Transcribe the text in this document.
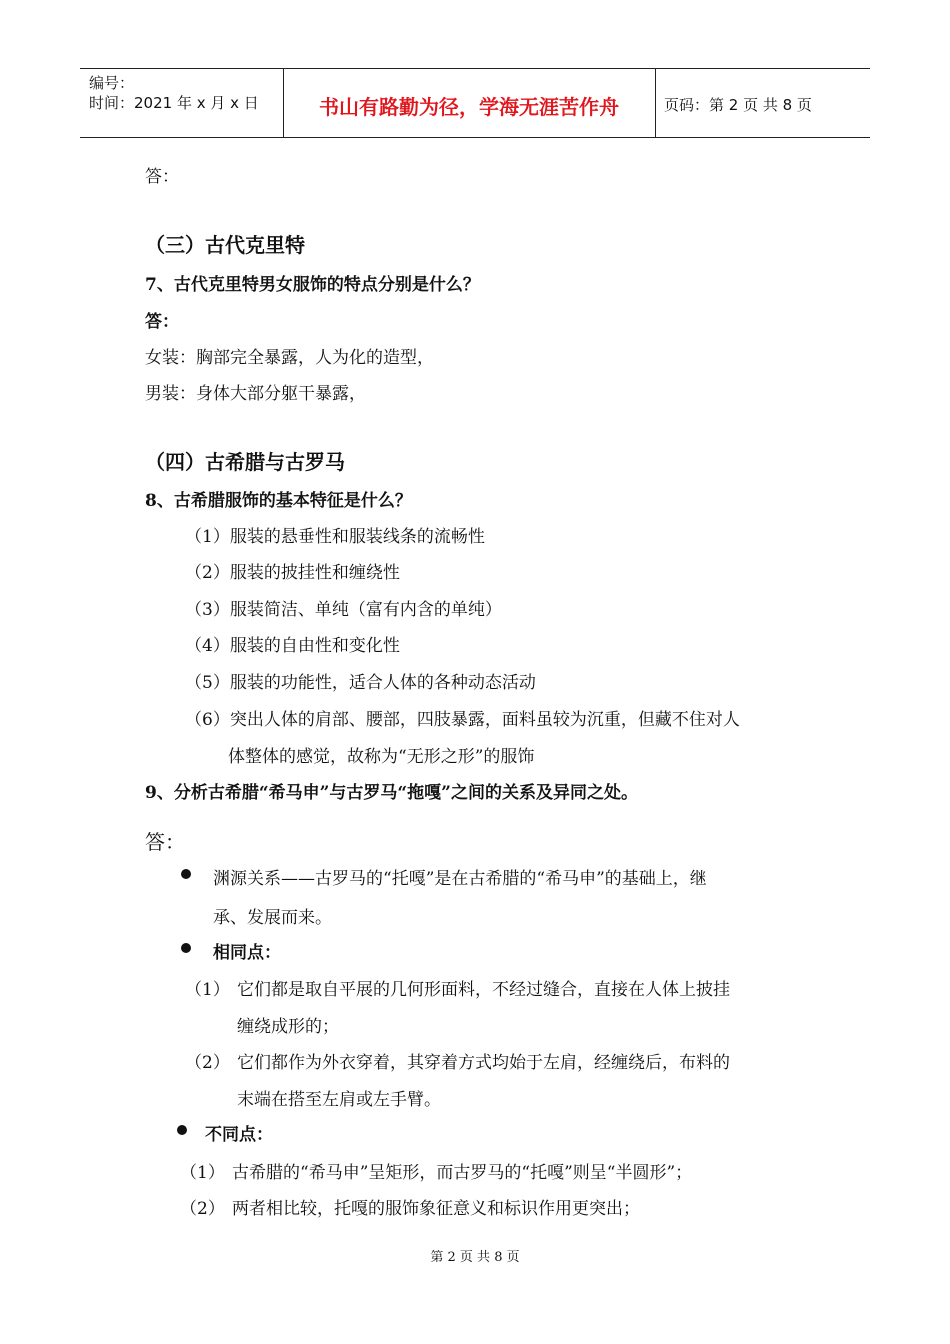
编号：
时间：2021 年 x 月 x 日	书山有路勤为径，学海无涯苦作舟	页码：第 2 页 共 8 页
答：
（三）古代克里特
7、古代克里特男女服饰的特点分别是什么？
答：
女装：胸部完全暴露，人为化的造型，
男装：身体大部分躯干暴露，
（四）古希腊与古罗马
8、古希腊服饰的基本特征是什么？
（1）服装的悬垂性和服装线条的流畅性
（2）服装的披挂性和缠绕性
（3）服装简洁、单纯（富有内含的单纯）
（4）服装的自由性和变化性
（5）服装的功能性，适合人体的各种动态活动
（6）突出人体的肩部、腰部，四肢暴露，面料虽较为沉重，但藏不住对人
体整体的感觉，故称为“无形之形”的服饰
9、分析古希腊“希马申”与古罗马“拖嘎”之间的关系及异同之处。
答：
渊源关系——古罗马的“托嘎”是在古希腊的“希马申”的基础上，继
承、发展而来。
相同点：
（1） 它们都是取自平展的几何形面料，不经过缝合，直接在人体上披挂
缠绕成形的；
（2） 它们都作为外衣穿着，其穿着方式均始于左肩，经缠绕后，布料的
末端在搭至左肩或左手臂。
不同点：
（1） 古希腊的“希马申”呈矩形，而古罗马的“托嘎”则呈“半圆形”；
（2） 两者相比较，托嘎的服饰象征意义和标识作用更突出；
第 2 页 共 8 页
